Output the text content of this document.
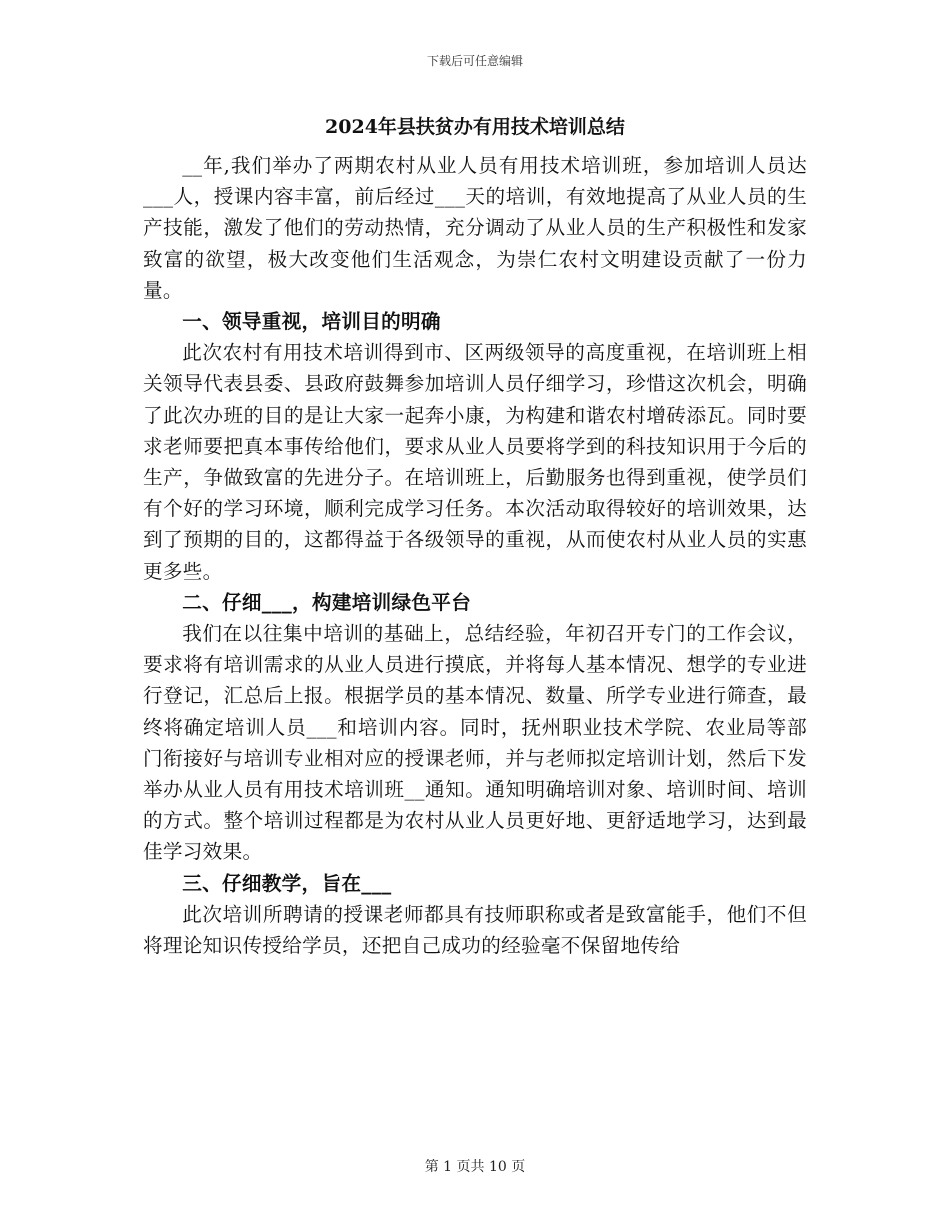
下载后可任意编辑
2024年县扶贫办有用技术培训总结

__年,我们举办了两期农村从业人员有用技术培训班，参加培训人员达___人，授课内容丰富，前后经过___天的培训，有效地提高了从业人员的生产技能，激发了他们的劳动热情，充分调动了从业人员的生产积极性和发家致富的欲望，极大改变他们生活观念，为崇仁农村文明建设贡献了一份力量。

一、领导重视，培训目的明确

此次农村有用技术培训得到市、区两级领导的高度重视，在培训班上相关领导代表县委、县政府鼓舞参加培训人员仔细学习，珍惜这次机会，明确了此次办班的目的是让大家一起奔小康，为构建和谐农村增砖添瓦。同时要求老师要把真本事传给他们，要求从业人员要将学到的科技知识用于今后的生产，争做致富的先进分子。在培训班上，后勤服务也得到重视，使学员们有个好的学习环境，顺利完成学习任务。本次活动取得较好的培训效果，达到了预期的目的，这都得益于各级领导的重视，从而使农村从业人员的实惠更多些。

二、仔细___，构建培训绿色平台

我们在以往集中培训的基础上，总结经验，年初召开专门的工作会议，要求将有培训需求的从业人员进行摸底，并将每人基本情况、想学的专业进行登记，汇总后上报。根据学员的基本情况、数量、所学专业进行筛查，最终将确定培训人员___和培训内容。同时，抚州职业技术学院、农业局等部门衔接好与培训专业相对应的授课老师，并与老师拟定培训计划，然后下发举办从业人员有用技术培训班__通知。通知明确培训对象、培训时间、培训的方式。整个培训过程都是为农村从业人员更好地、更舒适地学习，达到最佳学习效果。

三、仔细教学，旨在___

此次培训所聘请的授课老师都具有技师职称或者是致富能手，他们不但将理论知识传授给学员，还把自己成功的经验毫不保留地传给

第 1 页共 10 页
